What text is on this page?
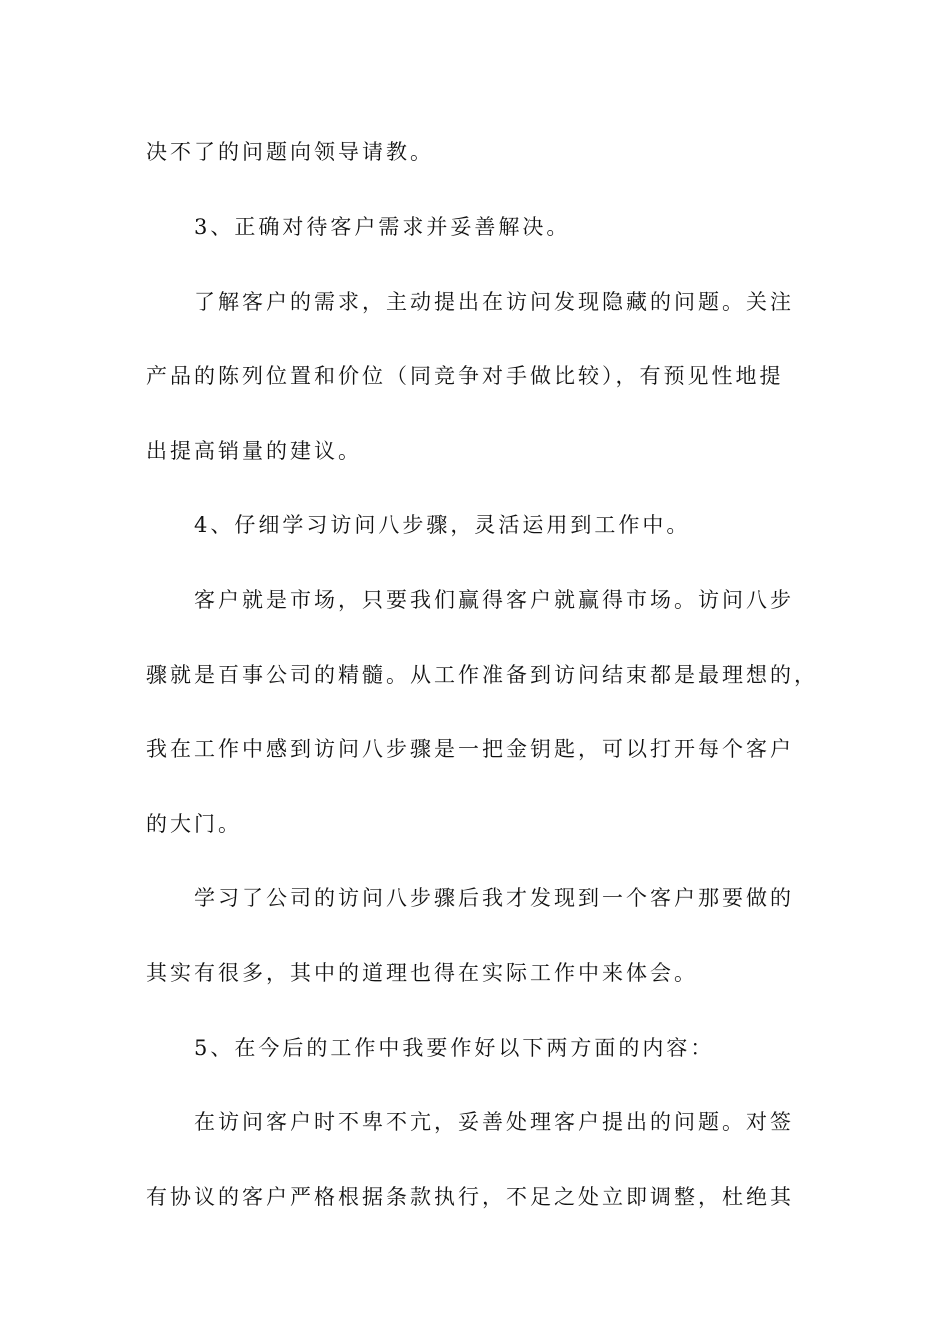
决不了的问题向领导请教。
3、正确对待客户需求并妥善解决。
了解客户的需求，主动提出在访问发现隐藏的问题。关注
产品的陈列位置和价位（同竞争对手做比较），有预见性地提
出提高销量的建议。
4、仔细学习访问八步骤，灵活运用到工作中。
客户就是市场，只要我们赢得客户就赢得市场。访问八步
骤就是百事公司的精髓。从工作准备到访问结束都是最理想的，
我在工作中感到访问八步骤是一把金钥匙，可以打开每个客户
的大门。
学习了公司的访问八步骤后我才发现到一个客户那要做的
其实有很多，其中的道理也得在实际工作中来体会。
5、在今后的工作中我要作好以下两方面的内容：
在访问客户时不卑不亢，妥善处理客户提出的问题。对签
有协议的客户严格根据条款执行，不足之处立即调整，杜绝其
